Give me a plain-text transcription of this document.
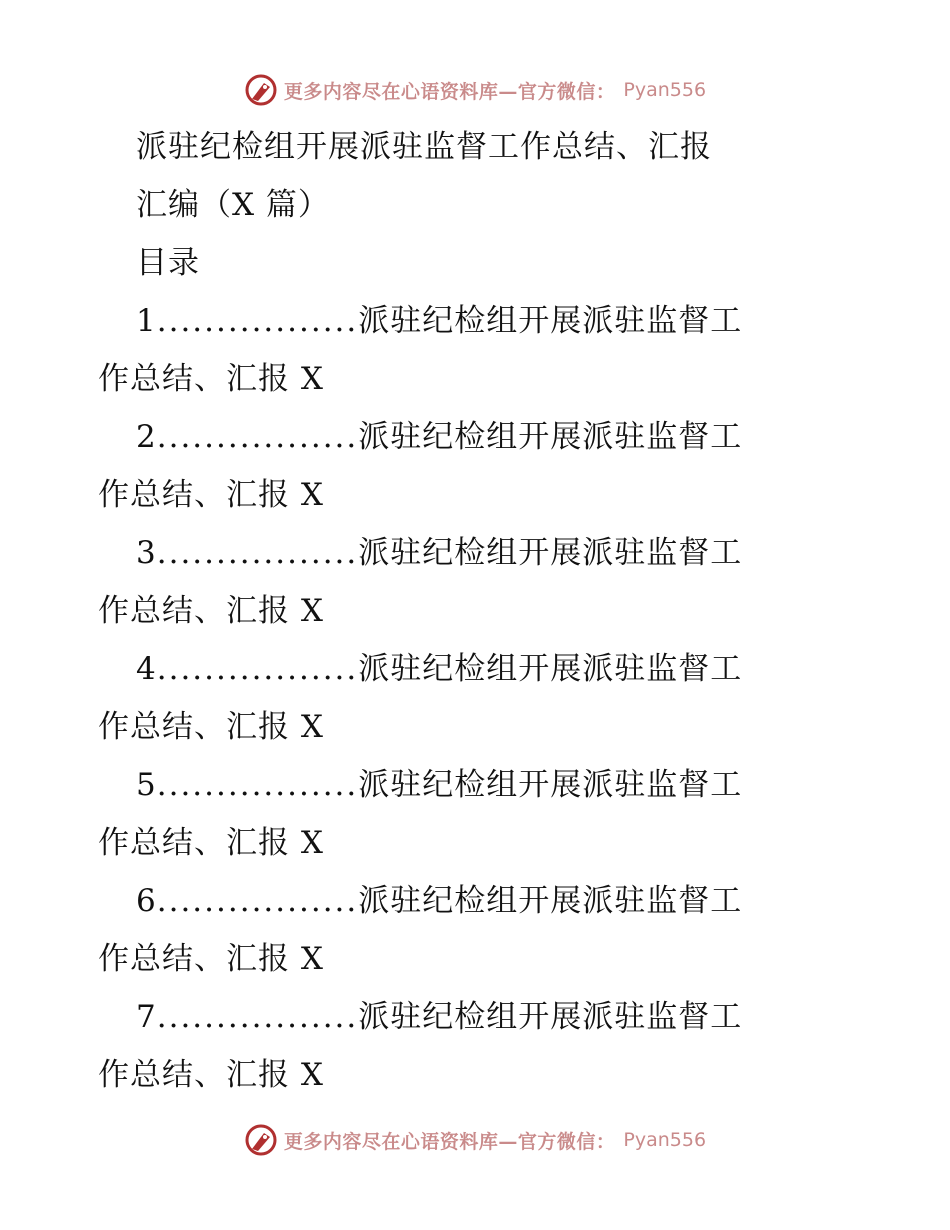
更多内容尽在心语资料库—官方微信： Pyan556
派驻纪检组开展派驻监督工作总结、汇报
汇编（X 篇）
目录
1.................派驻纪检组开展派驻监督工
作总结、汇报 X
2.................派驻纪检组开展派驻监督工
作总结、汇报 X
3.................派驻纪检组开展派驻监督工
作总结、汇报 X
4.................派驻纪检组开展派驻监督工
作总结、汇报 X
5.................派驻纪检组开展派驻监督工
作总结、汇报 X
6.................派驻纪检组开展派驻监督工
作总结、汇报 X
7.................派驻纪检组开展派驻监督工
作总结、汇报 X
更多内容尽在心语资料库—官方微信： Pyan556
